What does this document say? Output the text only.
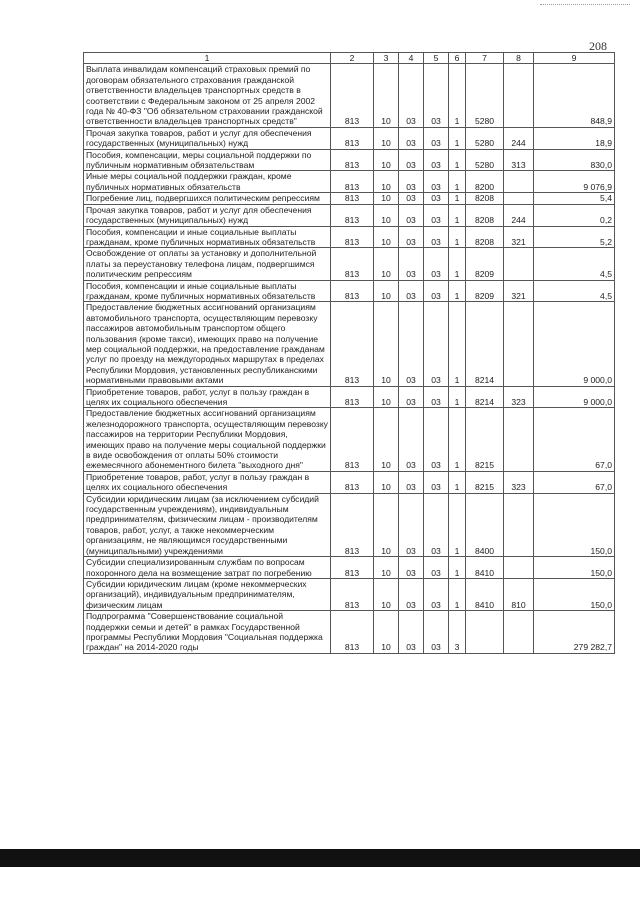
208
1	2	3	4	5	6	7	8	9
Выплата инвалидам компенсаций страховых премий по договорам обязательного страхования гражданской ответственности владельцев транспортных средств в соответствии с Федеральным законом от 25 апреля 2002 года № 40-ФЗ "Об обязательном страховании гражданской ответственности владельцев транспортных средств"	813	10	03	03	1	5280		848,9
Прочая закупка товаров, работ и услуг для обеспечения государственных (муниципальных) нужд	813	10	03	03	1	5280	244	18,9
Пособия, компенсации, меры социальной поддержки по публичным нормативным обязательствам	813	10	03	03	1	5280	313	830,0
Иные меры социальной поддержки граждан, кроме публичных нормативных обязательств	813	10	03	03	1	8200		9 076,9
Погребение лиц, подвергшихся политическим репрессиям	813	10	03	03	1	8208		5,4
Прочая закупка товаров, работ и услуг для обеспечения государственных (муниципальных) нужд	813	10	03	03	1	8208	244	0,2
Пособия, компенсации и иные социальные выплаты гражданам, кроме публичных нормативных обязательств	813	10	03	03	1	8208	321	5,2
Освобождение от оплаты за установку и дополнительной платы за переустановку телефона лицам, подвергшимся политическим репрессиям	813	10	03	03	1	8209		4,5
Пособия, компенсации и иные социальные выплаты гражданам, кроме публичных нормативных обязательств	813	10	03	03	1	8209	321	4,5
Предоставление бюджетных ассигнований организациям автомобильного транспорта, осуществляющим перевозку пассажиров автомобильным транспортом общего пользования (кроме такси), имеющих право на получение мер социальной поддержки, на предоставление гражданам услуг по проезду на междугородных маршрутах в пределах Республики Мордовия, установленных республиканскими нормативными правовыми актами	813	10	03	03	1	8214		9 000,0
Приобретение товаров, работ, услуг в пользу граждан в целях их социального обеспечения	813	10	03	03	1	8214	323	9 000,0
Предоставление бюджетных ассигнований организациям железнодорожного транспорта, осуществляющим перевозку пассажиров на территории Республики Мордовия, имеющих право на получение меры социальной поддержки в виде освобождения от оплаты 50% стоимости ежемесячного абонементного билета "выходного дня"	813	10	03	03	1	8215		67,0
Приобретение товаров, работ, услуг в пользу граждан в целях их социального обеспечения	813	10	03	03	1	8215	323	67,0
Субсидии юридическим лицам (за исключением субсидий государственным учреждениям), индивидуальным предпринимателям, физическим лицам - производителям товаров, работ, услуг, а также некоммерческим организациям, не являющимся государственными (муниципальными) учреждениями	813	10	03	03	1	8400		150,0
Субсидии специализированным службам по вопросам похоронного дела на возмещение затрат по погребению	813	10	03	03	1	8410		150,0
Субсидии юридическим лицам (кроме некоммерческих организаций), индивидуальным предпринимателям, физическим лицам	813	10	03	03	1	8410	810	150,0
Подпрограмма "Совершенствование социальной поддержки семьи и детей" в рамках Государственной программы Республики Мордовия "Социальная поддержка граждан" на 2014-2020 годы	813	10	03	03	3			279 282,7
